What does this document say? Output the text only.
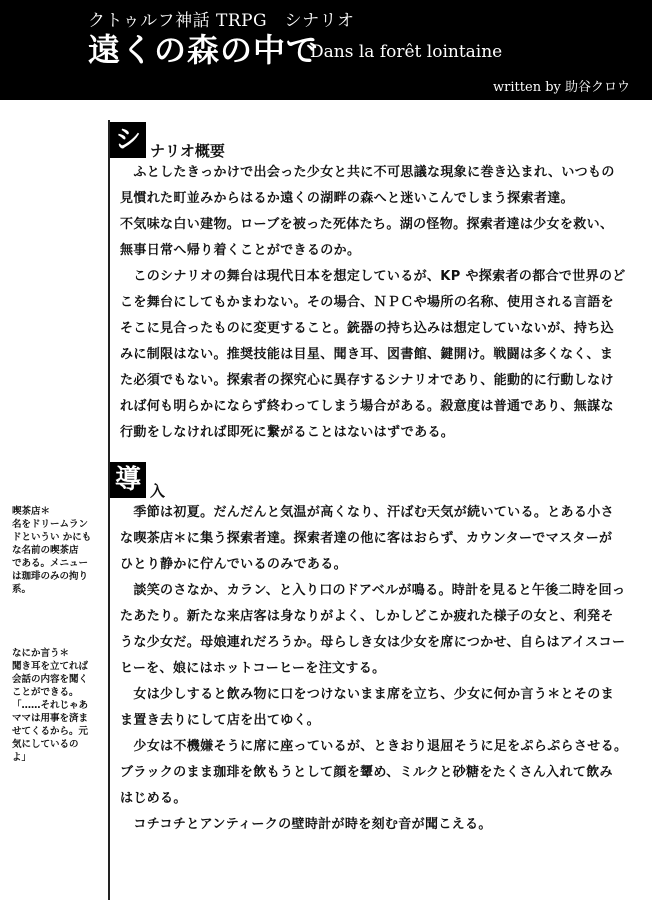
クトゥルフ神話 TRPG　シナリオ
遠くの森の中で
Dans la forêt lointaine
written by 助谷クロウ
シ ナリオ概要

　ふとしたきっかけで出会った少女と共に不可思議な現象に巻き込まれ、いつもの

見慣れた町並みからはるか遠くの湖畔の森へと迷いこんでしまう探索者達。

不気味な白い建物。ローブを被った死体たち。湖の怪物。探索者達は少女を救い、

無事日常へ帰り着くことができるのか。

　このシナリオの舞台は現代日本を想定しているが、KP や探索者の都合で世界のど

こを舞台にしてもかまわない。その場合、ＮＰＣや場所の名称、使用される言語を

そこに見合ったものに変更すること。銃器の持ち込みは想定していないが、持ち込

みに制限はない。推奨技能は目星、聞き耳、図書館、鍵開け。戦闘は多くなく、ま

た必須でもない。探索者の探究心に異存するシナリオであり、能動的に行動しなけ

れば何も明らかにならず終わってしまう場合がある。殺意度は普通であり、無謀な

行動をしなければ即死に繋がることはないはずである。

導 入

　季節は初夏。だんだんと気温が高くなり、汗ばむ天気が続いている。とある小さ

な喫茶店＊に集う探索者達。探索者達の他に客はおらず、カウンターでマスターが

ひとり静かに佇んでいるのみである。

　談笑のさなか、カラン、と入り口のドアベルが鳴る。時計を見ると午後二時を回っ

たあたり。新たな来店客は身なりがよく、しかしどこか疲れた様子の女と、利発そ

うな少女だ。母娘連れだろうか。母らしき女は少女を席につかせ、自らはアイスコー

ヒーを、娘にはホットコーヒーを注文する。

　女は少しすると飲み物に口をつけないまま席を立ち、少女に何か言う＊とそのま

ま置き去りにして店を出てゆく。

　少女は不機嫌そうに席に座っているが、ときおり退屈そうに足をぷらぷらさせる。

ブラックのまま珈琲を飲もうとして顔を顰め、ミルクと砂糖をたくさん入れて飲み

はじめる。

　コチコチとアンティークの壁時計が時を刻む音が聞こえる。

喫茶店＊

名をドリームラン

ドというい かにも

な名前の喫茶店

である。メニュー

は珈琲のみの拘り

系。

なにか言う＊

聞き耳を立てれば

会話の内容を聞く

ことができる。

「……それじゃあ

ママは用事を済ま

せてくるから。元

気にしているの

よ」
